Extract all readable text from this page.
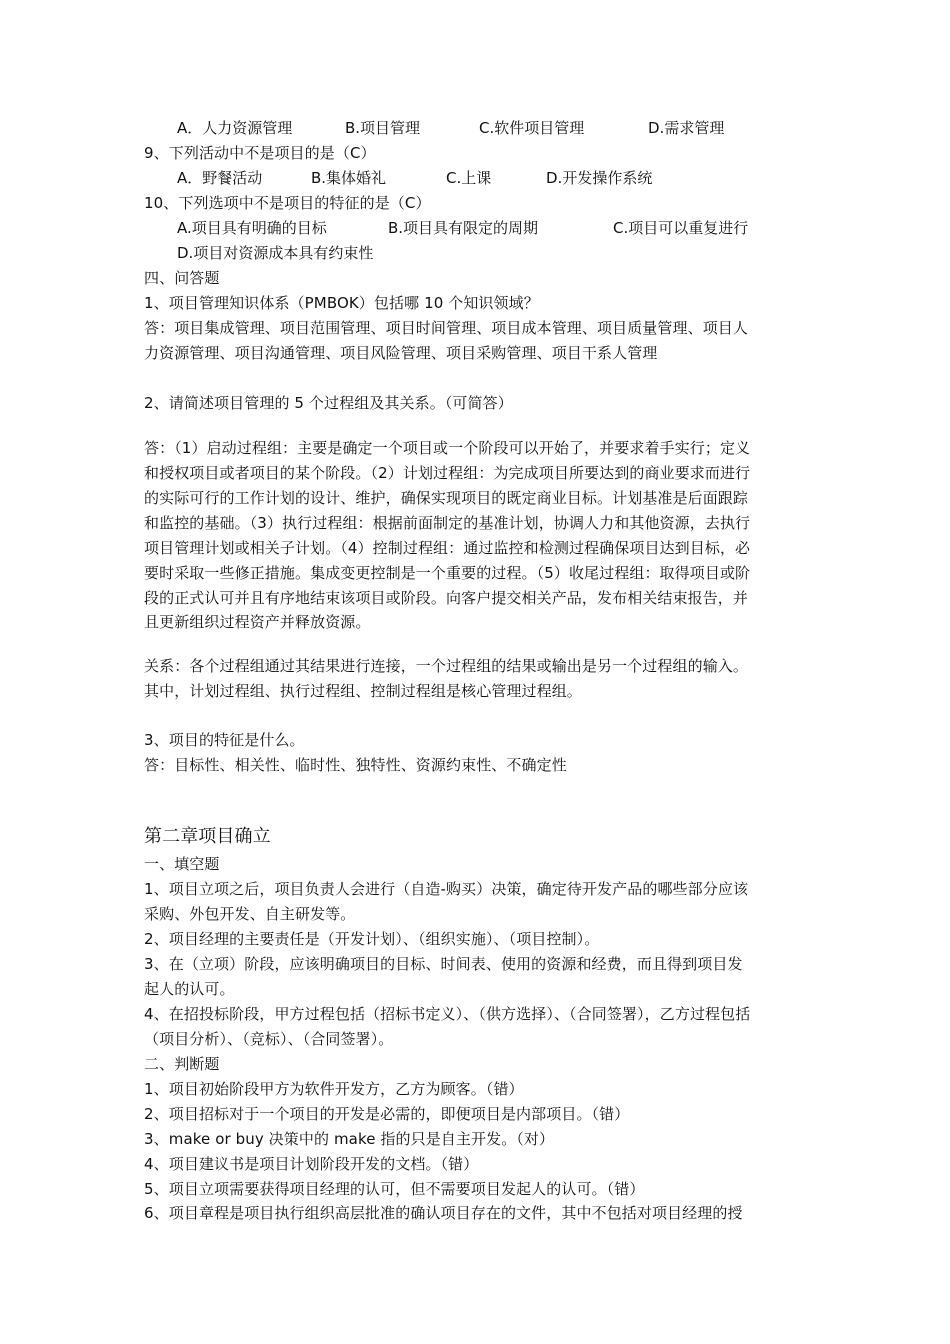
A．人力资源管理	B.项目管理	C.软件项目管理	D.需求管理
9、下列活动中不是项目的是（C）
A．野餐活动	B.集体婚礼	C.上课	D.开发操作系统
10、下列选项中不是项目的特征的是（C）
A.项目具有明确的目标	B.项目具有限定的周期	C.项目可以重复进行
D.项目对资源成本具有约束性
四、问答题
1、项目管理知识体系（PMBOK）包括哪 10 个知识领域？
答：项目集成管理、项目范围管理、项目时间管理、项目成本管理、项目质量管理、项目人
力资源管理、项目沟通管理、项目风险管理、项目采购管理、项目干系人管理
2、请简述项目管理的 5 个过程组及其关系。（可简答）
答：（1）启动过程组：主要是确定一个项目或一个阶段可以开始了，并要求着手实行；定义
和授权项目或者项目的某个阶段。（2）计划过程组：为完成项目所要达到的商业要求而进行
的实际可行的工作计划的设计、维护，确保实现项目的既定商业目标。计划基准是后面跟踪
和监控的基础。（3）执行过程组：根据前面制定的基准计划，协调人力和其他资源，去执行
项目管理计划或相关子计划。（4）控制过程组：通过监控和检测过程确保项目达到目标，必
要时采取一些修正措施。集成变更控制是一个重要的过程。（5）收尾过程组：取得项目或阶
段的正式认可并且有序地结束该项目或阶段。向客户提交相关产品，发布相关结束报告，并
且更新组织过程资产并释放资源。
关系：各个过程组通过其结果进行连接，一个过程组的结果或输出是另一个过程组的输入。
其中，计划过程组、执行过程组、控制过程组是核心管理过程组。
3、项目的特征是什么。
答：目标性、相关性、临时性、独特性、资源约束性、不确定性
第二章项目确立
一、填空题
1、项目立项之后，项目负责人会进行（自造-购买）决策，确定待开发产品的哪些部分应该
采购、外包开发、自主研发等。
2、项目经理的主要责任是（开发计划）、（组织实施）、（项目控制）。
3、在（立项）阶段，应该明确项目的目标、时间表、使用的资源和经费，而且得到项目发
起人的认可。
4、在招投标阶段，甲方过程包括（招标书定义）、（供方选择）、（合同签署），乙方过程包括
（项目分析）、（竞标）、（合同签署）。
二、判断题
1、项目初始阶段甲方为软件开发方，乙方为顾客。（错）
2、项目招标对于一个项目的开发是必需的，即便项目是内部项目。（错）
3、make or buy 决策中的 make 指的只是自主开发。（对）
4、项目建议书是项目计划阶段开发的文档。（错）
5、项目立项需要获得项目经理的认可，但不需要项目发起人的认可。（错）
6、项目章程是项目执行组织高层批准的确认项目存在的文件，其中不包括对项目经理的授
